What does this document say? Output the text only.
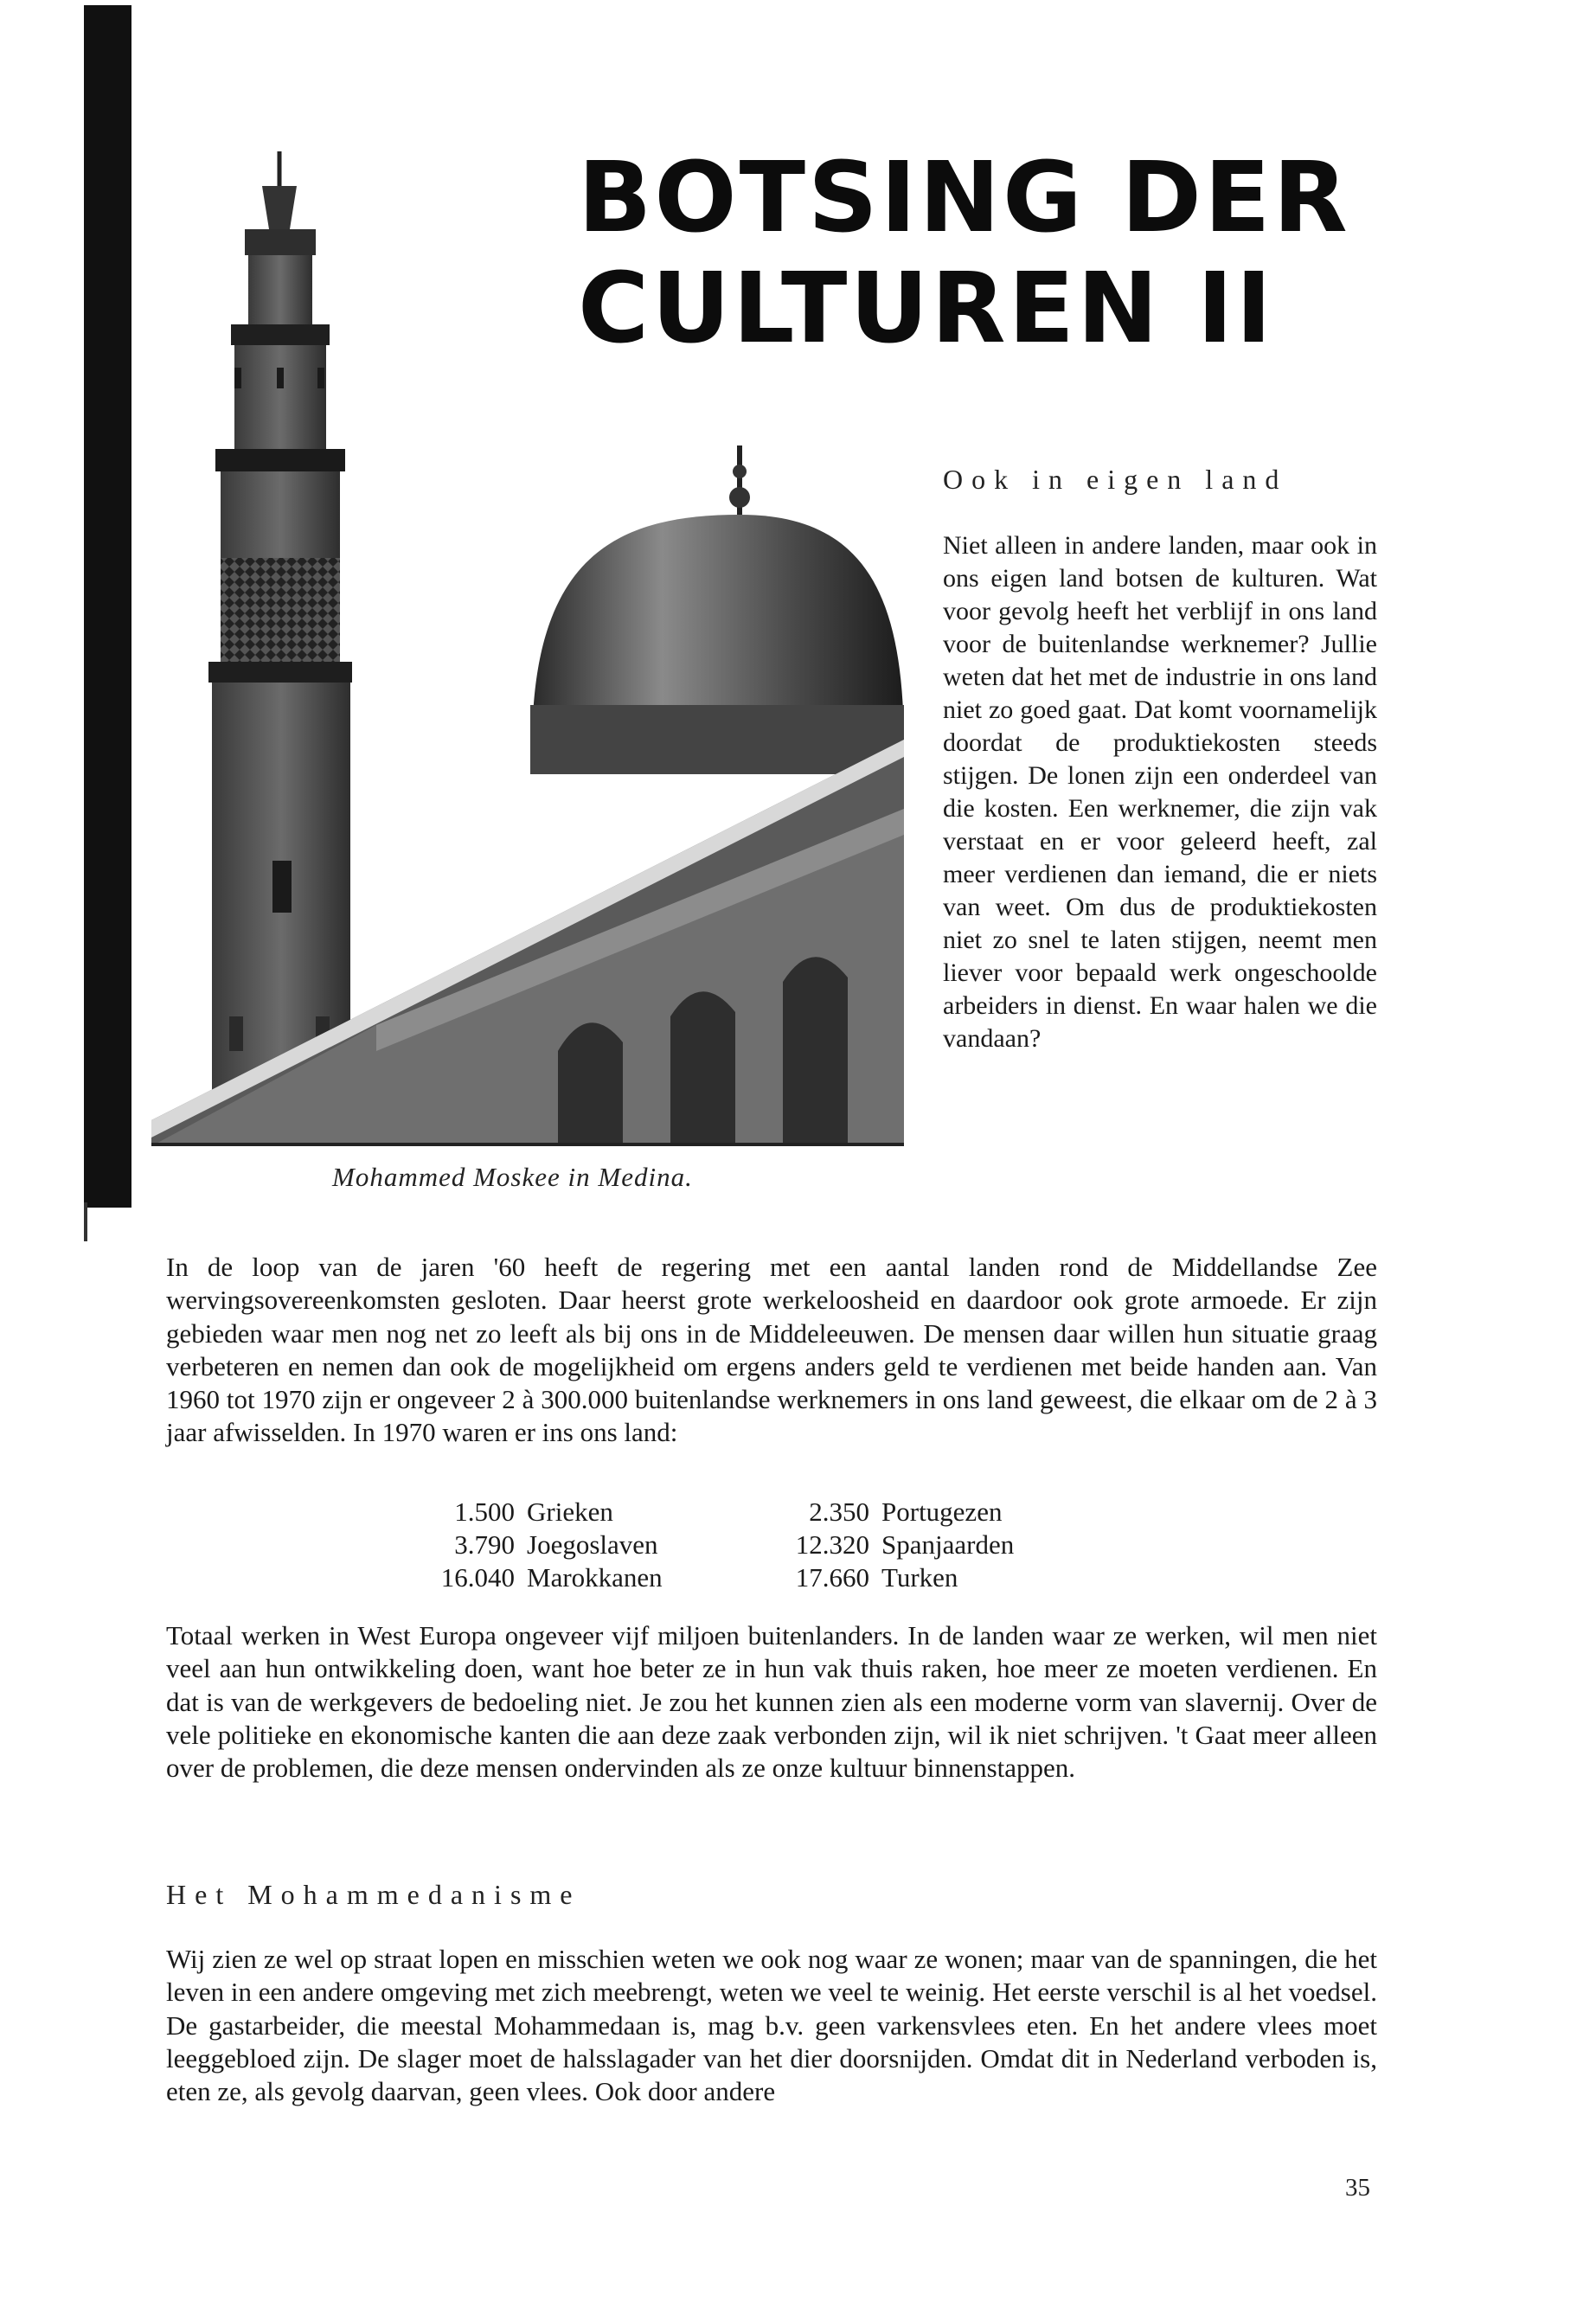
BOTSING DER
CULTUREN II

Mohammed Moskee in Medina.

Ook in eigen land

Niet alleen in andere landen, maar ook in ons eigen land botsen de kulturen. Wat voor gevolg heeft het verblijf in ons land voor de buitenlandse werknemer? Jullie weten dat het met de industrie in ons land niet zo goed gaat. Dat komt voornamelijk doordat de produktiekosten steeds stijgen. De lonen zijn een onderdeel van die kosten. Een werknemer, die zijn vak verstaat en er voor geleerd heeft, zal meer verdienen dan iemand, die er niets van weet. Om dus de produktiekosten niet zo snel te laten stijgen, neemt men liever voor bepaald werk ongeschoolde arbeiders in dienst. En waar halen we die vandaan?

In de loop van de jaren '60 heeft de regering met een aantal landen rond de Middellandse Zee wervingsovereenkomsten gesloten. Daar heerst grote werkeloosheid en daardoor ook grote armoede. Er zijn gebieden waar men nog net zo leeft als bij ons in de Middeleeuwen. De mensen daar willen hun situatie graag verbeteren en nemen dan ook de mogelijkheid om ergens anders geld te verdienen met beide handen aan. Van 1960 tot 1970 zijn er ongeveer 2 à 300.000 buitenlandse werknemers in ons land geweest, die elkaar om de 2 à 3 jaar afwisselden. In 1970 waren er ins ons land:

1.500 Grieken
3.790 Joegoslaven
16.040 Marokkanen
2.350 Portugezen
12.320 Spanjaarden
17.660 Turken

Totaal werken in West Europa ongeveer vijf miljoen buitenlanders. In de landen waar ze werken, wil men niet veel aan hun ontwikkeling doen, want hoe beter ze in hun vak thuis raken, hoe meer ze moeten verdienen. En dat is van de werkgevers de bedoeling niet. Je zou het kunnen zien als een moderne vorm van slavernij. Over de vele politieke en ekonomische kanten die aan deze zaak verbonden zijn, wil ik niet schrijven. 't Gaat meer alleen over de problemen, die deze mensen ondervinden als ze onze kultuur binnenstappen.

Het Mohammedanisme

Wij zien ze wel op straat lopen en misschien weten we ook nog waar ze wonen; maar van de spanningen, die het leven in een andere omgeving met zich meebrengt, weten we veel te weinig. Het eerste verschil is al het voedsel. De gastarbeider, die meestal Mohammedaan is, mag b.v. geen varkensvlees eten. En het andere vlees moet leeggebloed zijn. De slager moet de halsslagader van het dier doorsnijden. Omdat dit in Nederland verboden is, eten ze, als gevolg daarvan, geen vlees. Ook door andere

35
